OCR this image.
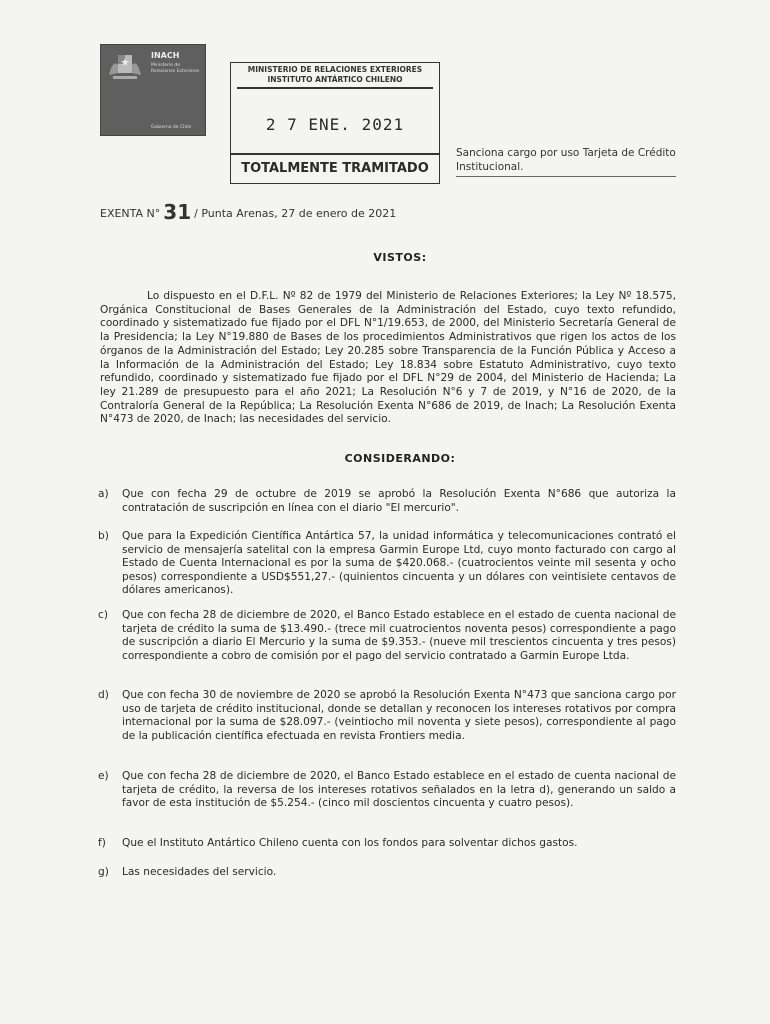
INACH
Ministerio de Relaciones Exteriores
Gobierno de Chile
MINISTERIO DE RELACIONES EXTERIORES
INSTITUTO ANTÁRTICO CHILENO
2 7 ENE. 2021
TOTALMENTE TRAMITADO
Sanciona cargo por uso Tarjeta de Crédito Institucional.
EXENTA N° 31 / Punta Arenas, 27 de enero de 2021
VISTOS:
Lo dispuesto en el D.F.L. Nº 82 de 1979 del Ministerio de Relaciones Exteriores; la Ley Nº 18.575, Orgánica Constitucional de Bases Generales de la Administración del Estado, cuyo texto refundido, coordinado y sistematizado fue fijado por el DFL N°1/19.653, de 2000, del Ministerio Secretaría General de la Presidencia; la Ley N°19.880 de Bases de los procedimientos Administrativos que rigen los actos de los órganos de la Administración del Estado; Ley 20.285 sobre Transparencia de la Función Pública y Acceso a la Información de la Administración del Estado; Ley 18.834 sobre Estatuto Administrativo, cuyo texto refundido, coordinado y sistematizado fue fijado por el DFL N°29 de 2004, del Ministerio de Hacienda; La ley 21.289 de presupuesto para el año 2021; La Resolución N°6 y 7 de 2019, y N°16 de 2020, de la Contraloría General de la República; La Resolución Exenta N°686 de 2019, de Inach; La Resolución Exenta N°473 de 2020, de Inach; las necesidades del servicio.
CONSIDERANDO:
a)	Que con fecha 29 de octubre de 2019 se aprobó la Resolución Exenta N°686 que autoriza la contratación de suscripción en línea con el diario "El mercurio".
b)	Que para la Expedición Científica Antártica 57, la unidad informática y telecomunicaciones contrató el servicio de mensajería satelital con la empresa Garmin Europe Ltd, cuyo monto facturado con cargo al Estado de Cuenta Internacional es por la suma de $420.068.- (cuatrocientos veinte mil sesenta y ocho pesos) correspondiente a USD$551,27.- (quinientos cincuenta y un dólares con veintisiete centavos de dólares americanos).
c)	Que con fecha 28 de diciembre de 2020, el Banco Estado establece en el estado de cuenta nacional de tarjeta de crédito la suma de $13.490.- (trece mil cuatrocientos noventa pesos) correspondiente a pago de suscripción a diario El Mercurio y la suma de $9.353.- (nueve mil trescientos cincuenta y tres pesos) correspondiente a cobro de comisión por el pago del servicio contratado a Garmin Europe Ltda.
d)	Que con fecha 30 de noviembre de 2020 se aprobó la Resolución Exenta N°473 que sanciona cargo por uso de tarjeta de crédito institucional, donde se detallan y reconocen los intereses rotativos por compra internacional por la suma de $28.097.- (veintiocho mil noventa y siete pesos), correspondiente al pago de la publicación científica efectuada en revista Frontiers media.
e)	Que con fecha 28 de diciembre de 2020, el Banco Estado establece en el estado de cuenta nacional de tarjeta de crédito, la reversa de los intereses rotativos señalados en la letra d), generando un saldo a favor de esta institución de $5.254.- (cinco mil doscientos cincuenta y cuatro pesos).
f)	Que el Instituto Antártico Chileno cuenta con los fondos para solventar dichos gastos.
g)	Las necesidades del servicio.
